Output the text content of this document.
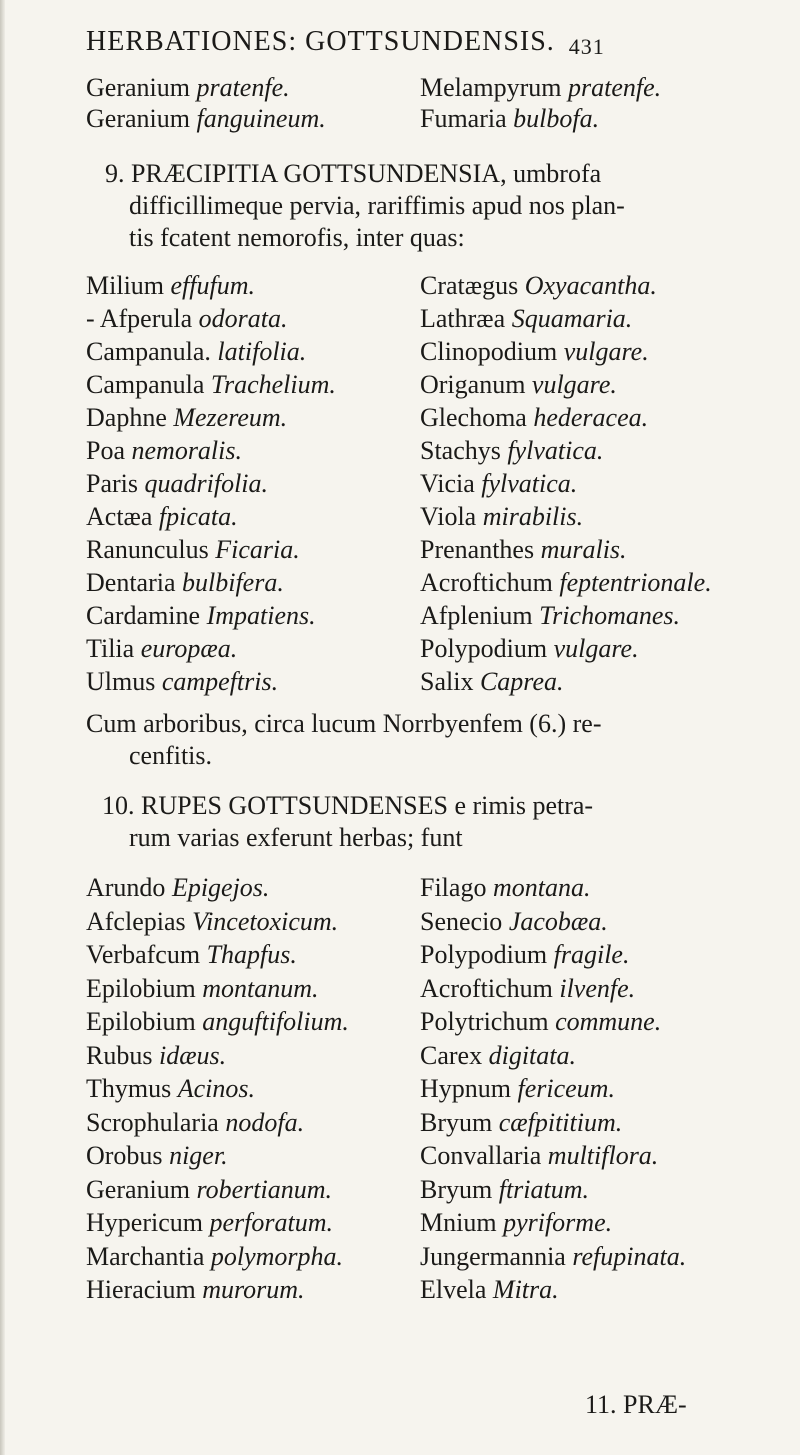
HERBATIONES: GOTTSUNDENSIS. 431
Geranium pratenfe.	Melampyrum pratenfe.
Geranium fanguineum.	Fumaria bulbofa.
9. PRÆCIPITIA GOTTSUNDENSIA, umbrofa
difficillimeque pervia, rariffimis apud nos plan-
tis fcatent nemorofis, inter quas:
Milium effufum.	Cratægus Oxyacantha.
- Afperula odorata.	Lathræa Squamaria.
Campanula. latifolia.	Clinopodium vulgare.
Campanula Trachelium.	Origanum vulgare.
Daphne Mezereum.	Glechoma hederacea.
Poa nemoralis.	Stachys fylvatica.
Paris quadrifolia.	Vicia fylvatica.
Actæa fpicata.	Viola mirabilis.
Ranunculus Ficaria.	Prenanthes muralis.
Dentaria bulbifera.	Acroftichum feptentrionale.
Cardamine Impatiens.	Afplenium Trichomanes.
Tilia europæa.	Polypodium vulgare.
Ulmus campeftris.	Salix Caprea.
Cum arboribus, circa lucum Norrbyenfem (6.) re-
cenfitis.
10. RUPES GOTTSUNDENSES e rimis petra-
rum varias exferunt herbas; funt
Arundo Epigejos.	Filago montana.
Afclepias Vincetoxicum.	Senecio Jacobæa.
Verbafcum Thapfus.	Polypodium fragile.
Epilobium montanum.	Acroftichum ilvenfe.
Epilobium anguftifolium.	Polytrichum commune.
Rubus idæus.	Carex digitata.
Thymus Acinos.	Hypnum fericeum.
Scrophularia nodofa.	Bryum cæfpititium.
Orobus niger.	Convallaria multiflora.
Geranium robertianum.	Bryum ftriatum.
Hypericum perforatum.	Mnium pyriforme.
Marchantia polymorpha.	Jungermannia refupinata.
Hieracium murorum.	Elvela Mitra.
11. PRÆ-
